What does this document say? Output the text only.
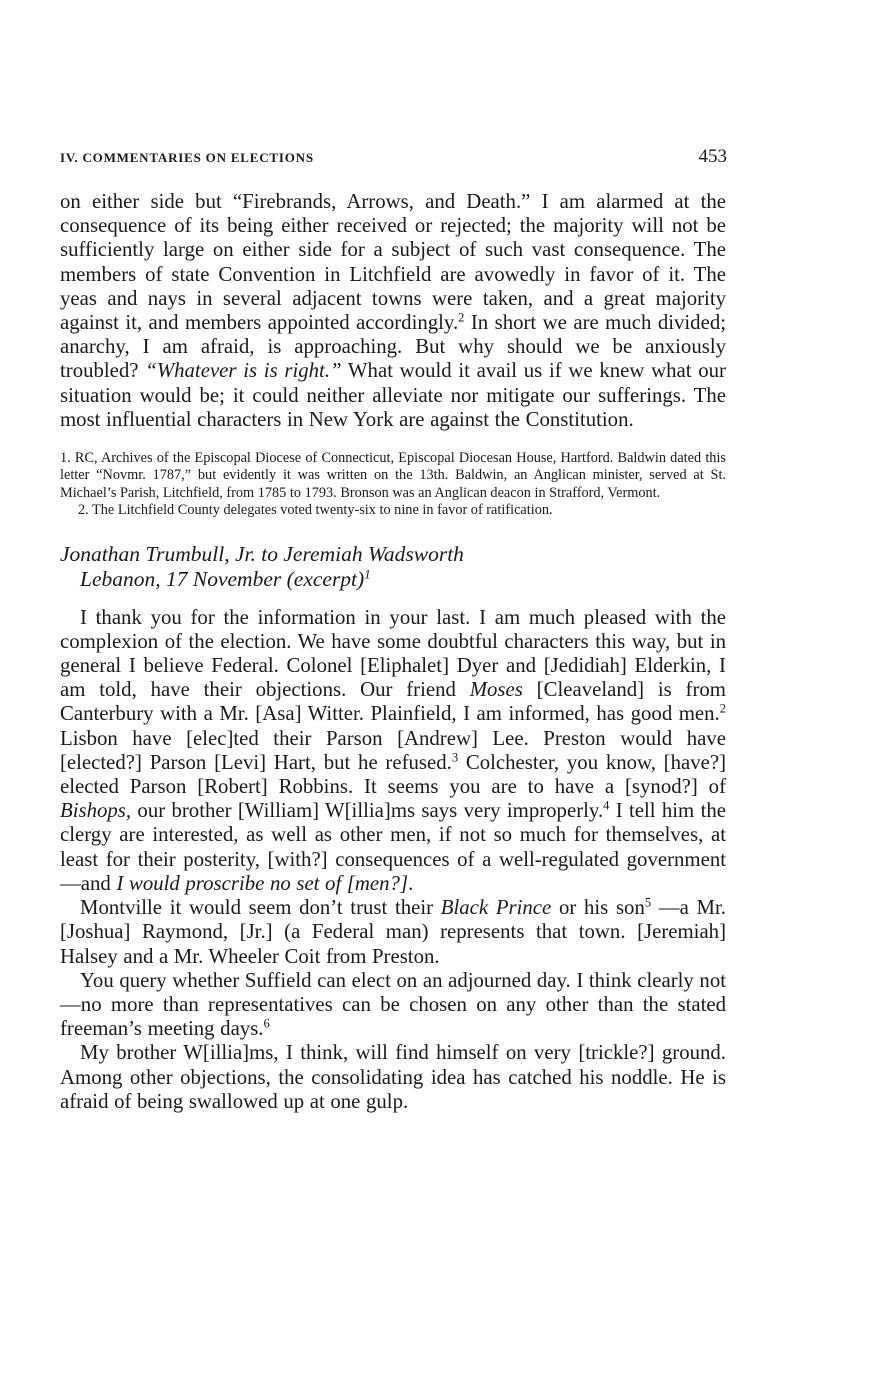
IV. COMMENTARIES ON ELECTIONS	453

on either side but “Firebrands, Arrows, and Death.” I am alarmed at the consequence of its being either received or rejected; the majority will not be sufficiently large on either side for a subject of such vast consequence. The members of state Convention in Litchfield are avowedly in favor of it. The yeas and nays in several adjacent towns were taken, and a great majority against it, and members appointed accordingly.$^2$ In short we are much divided; anarchy, I am afraid, is approaching. But why should we be anxiously troubled? “Whatever is is right.” What would it avail us if we knew what our situation would be; it could neither alleviate nor mitigate our sufferings. The most influential characters in New York are against the Constitution.

1. RC, Archives of the Episcopal Diocese of Connecticut, Episcopal Diocesan House, Hartford. Baldwin dated this letter “Novmr. 1787,” but evidently it was written on the 13th. Baldwin, an Anglican minister, served at St. Michael’s Parish, Litchfield, from 1785 to 1793. Bronson was an Anglican deacon in Strafford, Vermont.

2. The Litchfield County delegates voted twenty-six to nine in favor of ratification.

Jonathan Trumbull, Jr. to Jeremiah Wadsworth
Lebanon, 17 November (excerpt)$^1$

I thank you for the information in your last. I am much pleased with the complexion of the election. We have some doubtful characters this way, but in general I believe Federal. Colonel [Eliphalet] Dyer and [Jedidiah] Elderkin, I am told, have their objections. Our friend Moses [Cleaveland] is from Canterbury with a Mr. [Asa] Witter. Plainfield, I am informed, has good men.$^2$ Lisbon have [elec]ted their Parson [Andrew] Lee. Preston would have [elected?] Parson [Levi] Hart, but he refused.$^3$ Colchester, you know, [have?] elected Parson [Robert] Robbins. It seems you are to have a [synod?] of Bishops, our brother [William] W[illia]ms says very improperly.$^4$ I tell him the clergy are interested, as well as other men, if not so much for themselves, at least for their posterity, [with?] consequences of a well-regulated government—and I would proscribe no set of [men?].

Montville it would seem don’t trust their Black Prince or his son$^5$ —a Mr. [Joshua] Raymond, [Jr.] (a Federal man) represents that town. [Jeremiah] Halsey and a Mr. Wheeler Coit from Preston.

You query whether Suffield can elect on an adjourned day. I think clearly not—no more than representatives can be chosen on any other than the stated freeman’s meeting days.$^6$

My brother W[illia]ms, I think, will find himself on very [trickle?] ground. Among other objections, the consolidating idea has catched his noddle. He is afraid of being swallowed up at one gulp.
